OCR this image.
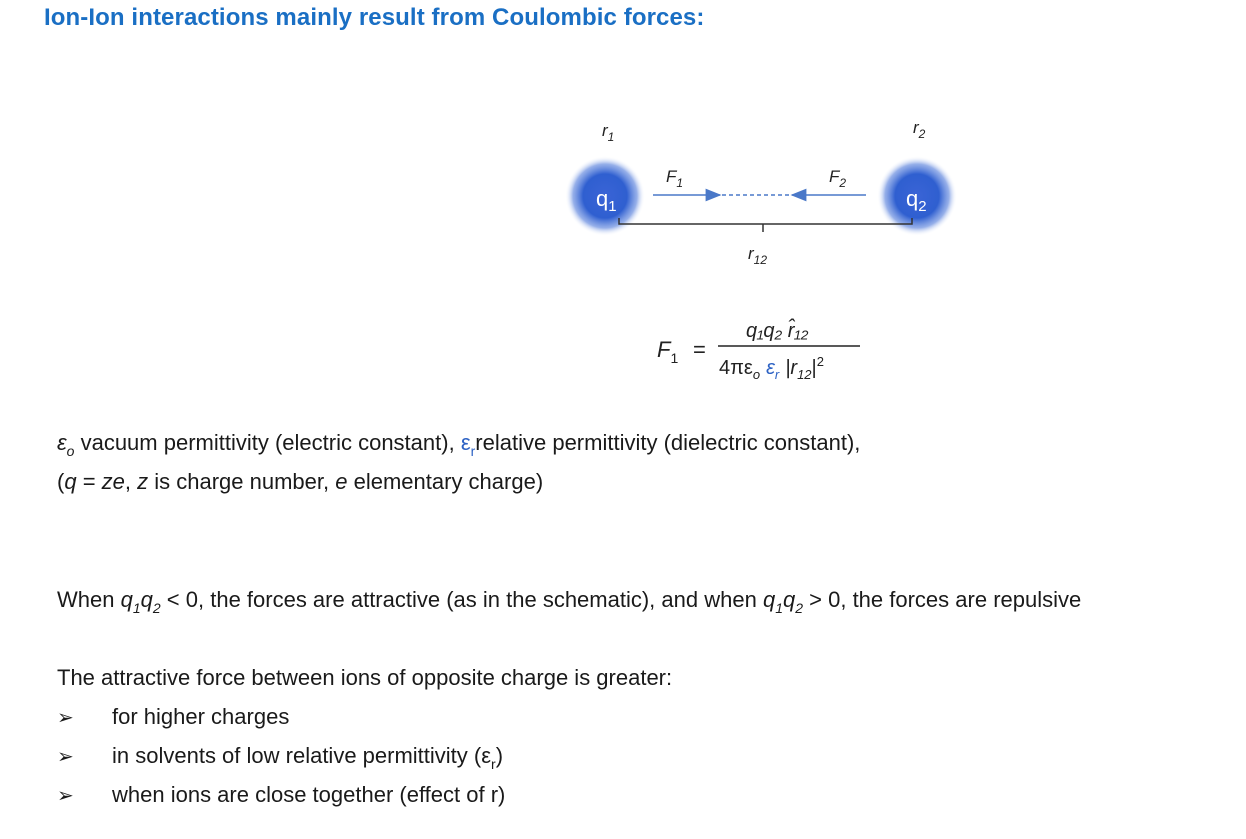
Ion-Ion interactions mainly result from Coulombic forces:
$r_1$	$r_2$
$q_1$	$q_2$
$F_1$	$F_2$
$r_{12}$
$F_1$ =
q₁q₂ r̂₁₂
$4\pi\varepsilon_o$ $\varepsilon_r$ $|r_{12}|^2$
$\varepsilon_o$ vacuum permittivity (electric constant), $\varepsilon_rrelative$ permittivity (dielectric constant),
(q = ze, z is charge number, e elementary charge)
When $q_1q_2 < 0$, the forces are attractive (as in the schematic), and when $q_1q_2 > 0$, the forces are repulsive
The attractive force between ions of opposite charge is greater:
➢ for higher charges
➢ in solvents of low relative permittivity $(\varepsilon_r)$
➢ when ions are close together (effect of r)
